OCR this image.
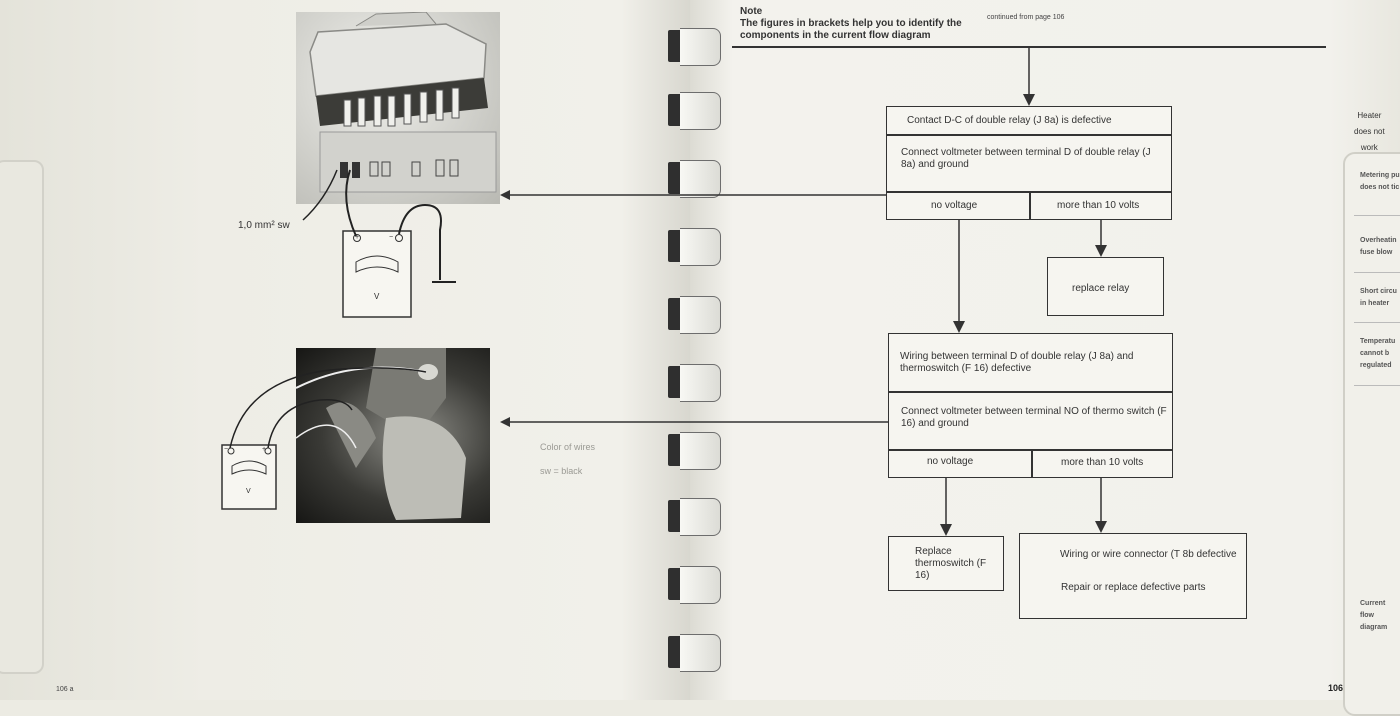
+	−
V
−	+
V
1,0 mm² sw
Color of wires
sw = black
106 a
Note
The figures in brackets help you to identify the components in the current flow diagram
continued from page 106
Contact D-C of double relay (J 8a) is defective
Connect voltmeter between terminal D of double relay (J 8a) and ground
no voltage	more than 10 volts
replace relay
Wiring between terminal D of double relay (J 8a) and thermoswitch (F 16) defective
Connect voltmeter between terminal NO of thermo switch (F 16) and ground
no voltage	more than 10 volts
Replace thermoswitch (F 16)
Wiring or wire connector (T 8b defective
Repair or replace defective parts
Heater
does not
work
Metering pu
does not tic
Overheatin
fuse blow
Short circu
in heater
Temperatu
cannot b
regulated
Current
flow
diagram
106
